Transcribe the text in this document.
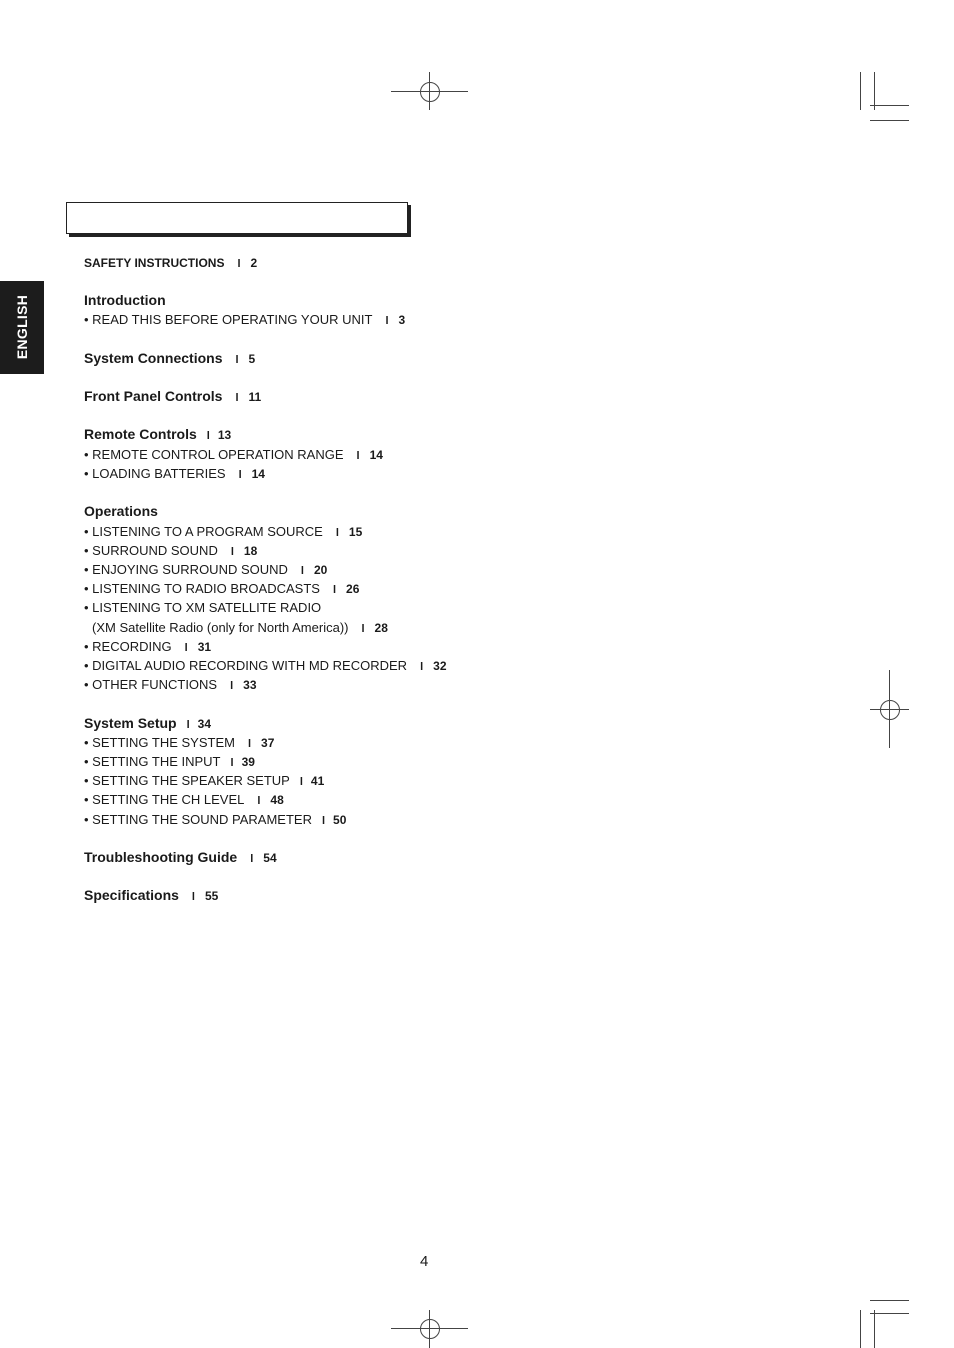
ENGLISH
SAFETY INSTRUCTIONS l 2
Introduction
• READ THIS BEFORE OPERATING YOUR UNIT l 3
System Connections l 5
Front Panel Controls l 11
Remote Controls l 13
• REMOTE CONTROL OPERATION RANGE l 14
• LOADING BATTERIES l 14
Operations
• LISTENING TO A PROGRAM SOURCE l 15
• SURROUND SOUND l 18
• ENJOYING SURROUND SOUND l 20
• LISTENING TO RADIO BROADCASTS l 26
• LISTENING TO XM SATELLITE RADIO
(XM Satellite Radio (only for North America)) l 28
• RECORDING l 31
• DIGITAL AUDIO RECORDING WITH MD RECORDER l 32
• OTHER FUNCTIONS l 33
System Setup l 34
• SETTING THE SYSTEM l 37
• SETTING THE INPUT l 39
• SETTING THE SPEAKER SETUP l 41
• SETTING THE CH LEVEL l 48
• SETTING THE SOUND PARAMETER l 50
Troubleshooting Guide l 54
Specifications l 55
4
